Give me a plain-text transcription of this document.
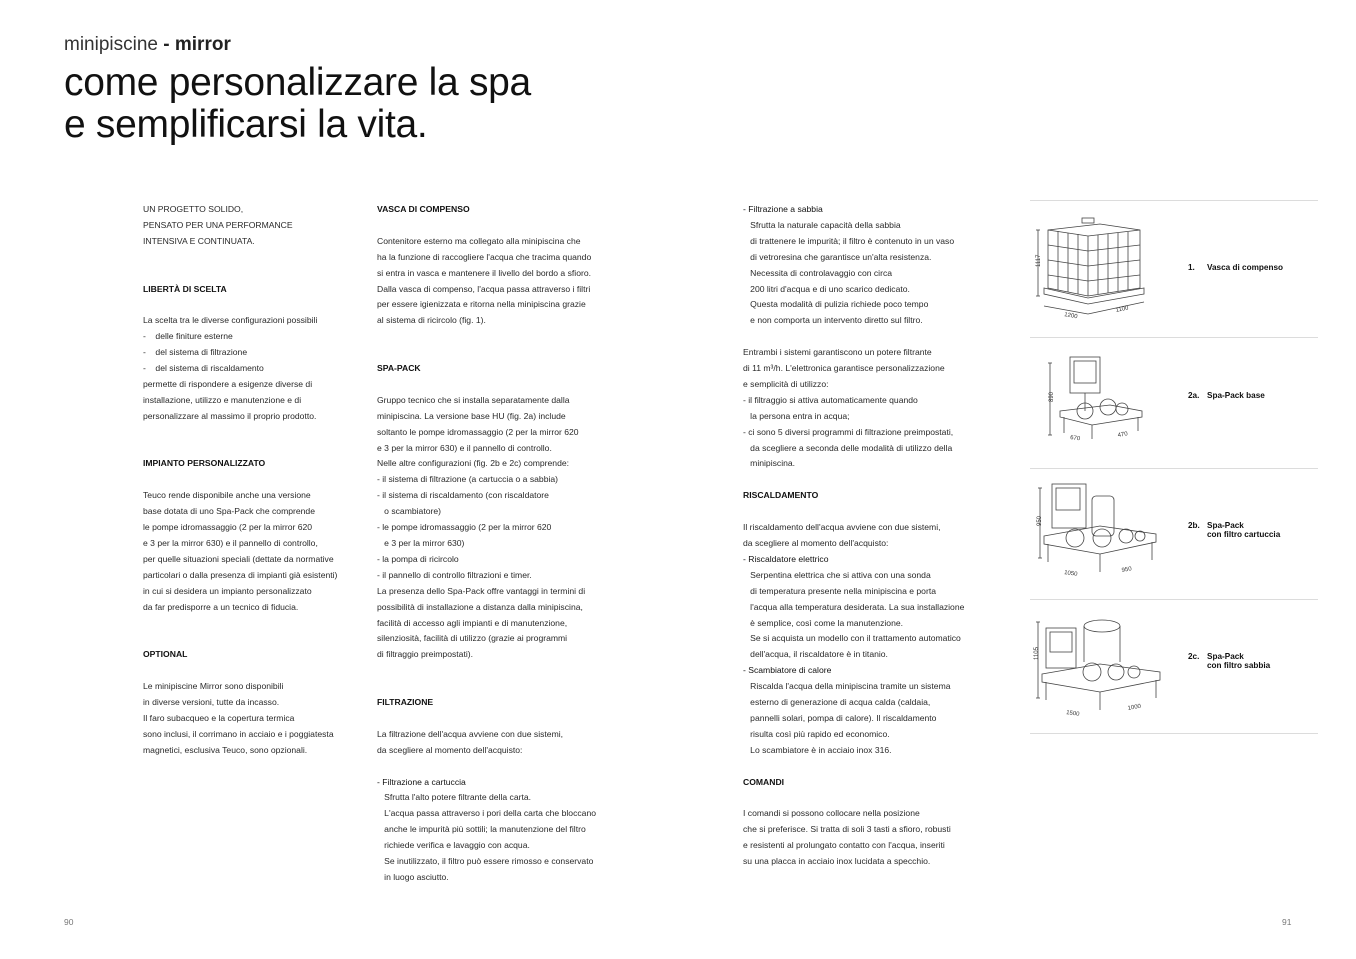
minipiscine - mirror
come personalizzare la spa
e semplificarsi la vita.

UN PROGETTO SOLIDO,

PENSATO PER UNA PERFORMANCE

INTENSIVA E CONTINUATA.

LIBERTÀ DI SCELTA

La scelta tra le diverse configurazioni possibili

-    delle finiture esterne

-    del sistema di filtrazione

-    del sistema di riscaldamento

permette di rispondere a esigenze diverse di

installazione, utilizzo e manutenzione e di

personalizzare al massimo il proprio prodotto.

IMPIANTO PERSONALIZZATO

Teuco rende disponibile anche una versione

base dotata di uno Spa-Pack che comprende

le pompe idromassaggio (2 per la mirror 620

e 3 per la mirror 630) e il pannello di controllo,

per quelle situazioni speciali (dettate da normative

particolari o dalla presenza di impianti già esistenti)

in cui si desidera un impianto personalizzato

da far predisporre a un tecnico di fiducia.

OPTIONAL

Le minipiscine Mirror sono disponibili

in diverse versioni, tutte da incasso.

Il faro subacqueo e la copertura termica

sono inclusi, il corrimano in acciaio e i poggiatesta

magnetici, esclusiva Teuco, sono opzionali.

VASCA DI COMPENSO

Contenitore esterno ma collegato alla minipiscina che

ha la funzione di raccogliere l'acqua che tracima quando

si entra in vasca e mantenere il livello del bordo a sfioro.

Dalla vasca di compenso, l'acqua passa attraverso i filtri

per essere igienizzata e ritorna nella minipiscina grazie

al sistema di ricircolo (fig. 1).

SPA-PACK

Gruppo tecnico che si installa separatamente dalla

minipiscina. La versione base HU (fig. 2a) include

soltanto le pompe idromassaggio (2 per la mirror 620

e 3 per la mirror 630) e il pannello di controllo.

Nelle altre configurazioni (fig. 2b e 2c) comprende:

- il sistema di filtrazione (a cartuccia o a sabbia)

- il sistema di riscaldamento (con riscaldatore

o scambiatore)

- le pompe idromassaggio (2 per la mirror 620

e 3 per la mirror 630)

- la pompa di ricircolo

- il pannello di controllo filtrazioni e timer.

La presenza dello Spa-Pack offre vantaggi in termini di

possibilità di installazione a distanza dalla minipiscina,

facilità di accesso agli impianti e di manutenzione,

silenziosità, facilità di utilizzo (grazie ai programmi

di filtraggio preimpostati).

FILTRAZIONE

La filtrazione dell'acqua avviene con due sistemi,

da scegliere al momento dell'acquisto:

- Filtrazione a cartuccia

Sfrutta l'alto potere filtrante della carta.

L'acqua passa attraverso i pori della carta che bloccano

anche le impurità più sottili; la manutenzione del filtro

richiede verifica e lavaggio con acqua.

Se inutilizzato, il filtro può essere rimosso e conservato

in luogo asciutto.

- Filtrazione a sabbia

Sfrutta la naturale capacità della sabbia

di trattenere le impurità; il filtro è contenuto in un vaso

di vetroresina che garantisce un'alta resistenza.

Necessita di controlavaggio con circa

200 litri d'acqua e di uno scarico dedicato.

Questa modalità di pulizia richiede poco tempo

e non comporta un intervento diretto sul filtro.

Entrambi i sistemi garantiscono un potere filtrante

di 11 m³/h. L'elettronica garantisce personalizzazione

e semplicità di utilizzo:

- il filtraggio si attiva automaticamente quando

la persona entra in acqua;

- ci sono 5 diversi programmi di filtrazione preimpostati,

da scegliere a seconda delle modalità di utilizzo della

minipiscina.

RISCALDAMENTO

Il riscaldamento dell'acqua avviene con due sistemi,

da scegliere al momento dell'acquisto:

- Riscaldatore elettrico

Serpentina elettrica che si attiva con una sonda

di temperatura presente nella minipiscina e porta

l'acqua alla temperatura desiderata. La sua installazione

è semplice, così come la manutenzione.

Se si acquista un modello con il trattamento automatico

dell'acqua, il riscaldatore è in titanio.

- Scambiatore di calore

Riscalda l'acqua della minipiscina tramite un sistema

esterno di generazione di acqua calda (caldaia,

pannelli solari, pompa di calore). Il riscaldamento

risulta così più rapido ed economico.

Lo scambiatore è in acciaio inox 316.

COMANDI

I comandi si possono collocare nella posizione

che si preferisce. Si tratta di soli 3 tasti a sfioro, robusti

e resistenti al prolungato contatto con l'acqua, inseriti

su una placca in acciaio inox lucidata a specchio.

1117
1200
1100
1. Vasca di compenso
890
670	470
2a. Spa-Pack base
950
1050	950
2b. Spa-Pack
con filtro cartuccia
1105
1500
1000
2c. Spa-Pack
con filtro sabbia
90	91
